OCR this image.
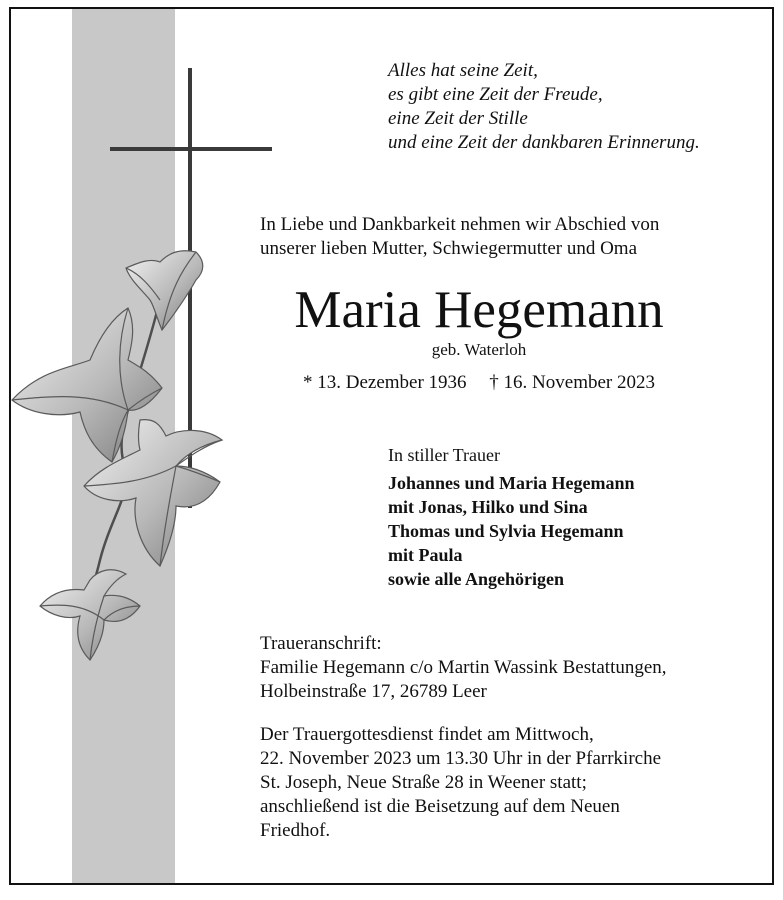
Alles hat seine Zeit,
es gibt eine Zeit der Freude,
eine Zeit der Stille
und eine Zeit der dankbaren Erinnerung.
In Liebe und Dankbarkeit nehmen wir Abschied von
unserer lieben Mutter, Schwiegermutter und Oma
Maria Hegemann
geb. Waterloh
* 13. Dezember 1936 † 16. November 2023
In stiller Trauer
Johannes und Maria Hegemann
mit Jonas, Hilko und Sina
Thomas und Sylvia Hegemann
mit Paula
sowie alle Angehörigen
Traueranschrift:
Familie Hegemann c/o Martin Wassink Bestattungen,
Holbeinstraße 17, 26789 Leer
Der Trauergottesdienst findet am Mittwoch,
22. November 2023 um 13.30 Uhr in der Pfarrkirche
St. Joseph, Neue Straße 28 in Weener statt;
anschließend ist die Beisetzung auf dem Neuen
Friedhof.
